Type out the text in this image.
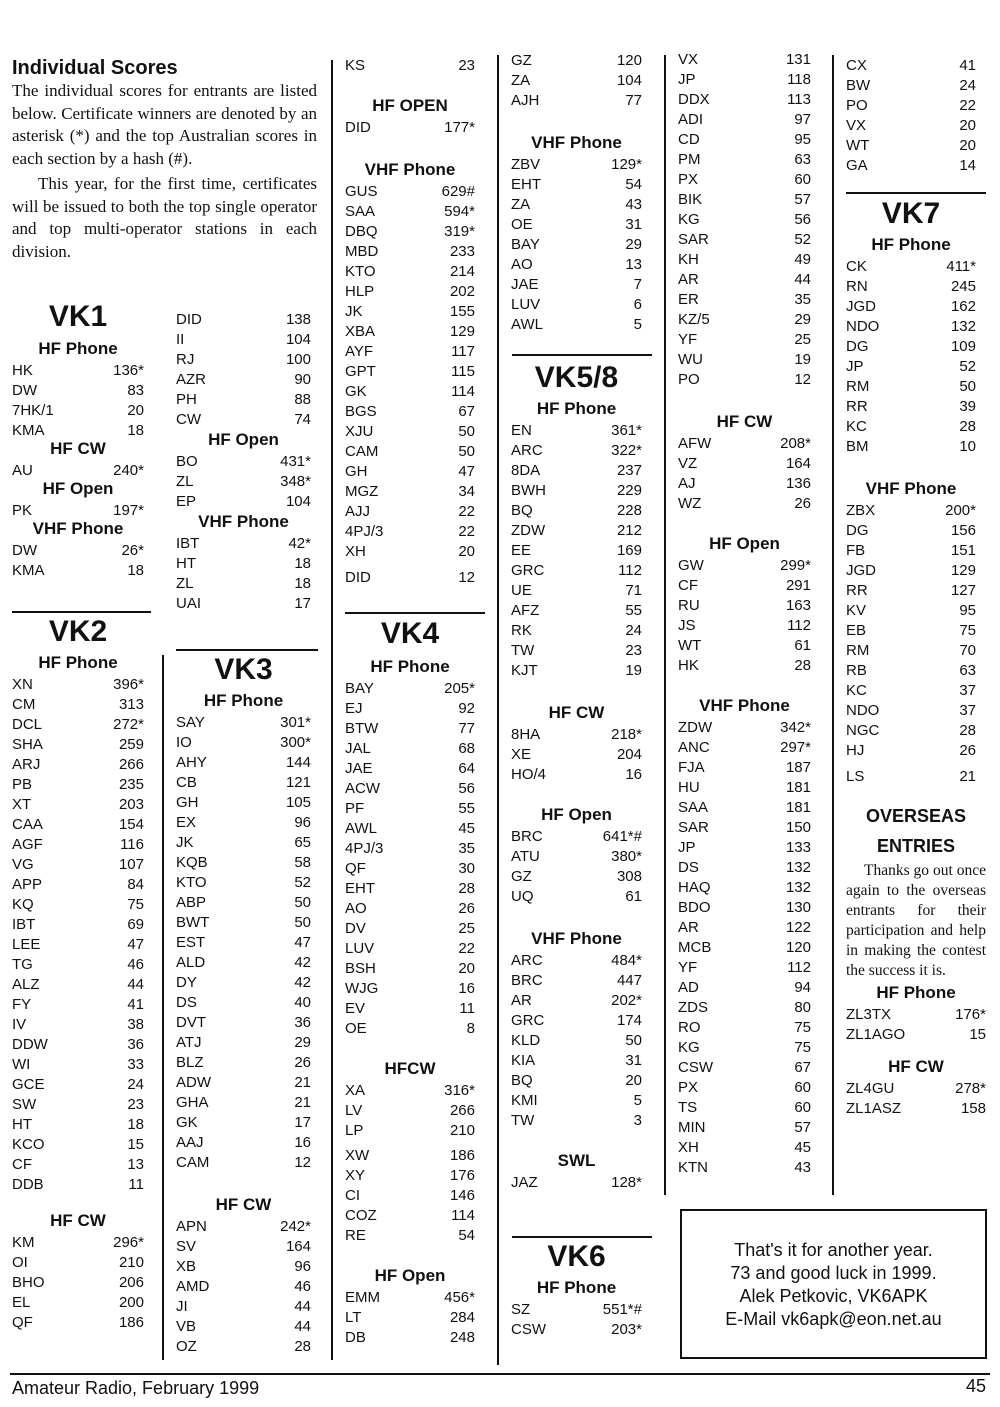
Individual Scores

The individual scores for entrants are listed below. Certificate winners are denoted by an asterisk (*) and the top Australian scores in each section by a hash (#).

This year, for the first time, certificates will be issued to both the top single operator and top multi-operator stations in each division.

VK1
HF Phone
HK	136*
DW	83
7HK/1	20
KMA	18
HF CW
AU	240*
HF Open
PK	197*
VHF Phone
DW	26*
KMA	18
DID	138
II	104
RJ	100
AZR	90
PH	88
CW	74
HF Open
BO	431*
ZL	348*
EP	104
VHF Phone
IBT	42*
HT	18
ZL	18
UAI	17
VK2
HF Phone
XN	396*
CM	313
DCL	272*
SHA	259
ARJ	266
PB	235
XT	203
CAA	154
AGF	116
VG	107
APP	84
KQ	75
IBT	69
LEE	47
TG	46
ALZ	44
FY	41
IV	38
DDW	36
WI	33
GCE	24
SW	23
HT	18
KCO	15
CF	13
DDB	11
HF CW
KM	296*
OI	210
BHO	206
EL	200
QF	186
VK3
HF Phone
SAY	301*
IO	300*
AHY	144
CB	121
GH	105
EX	96
JK	65
KQB	58
KTO	52
ABP	50
BWT	50
EST	47
ALD	42
DY	42
DS	40
DVT	36
ATJ	29
BLZ	26
ADW	21
GHA	21
GK	17
AAJ	16
CAM	12
HF CW
APN	242*
SV	164
XB	96
AMD	46
JI	44
VB	44
OZ	28
KS	23
HF OPEN
DID	177*
VHF Phone
GUS	629#
SAA	594*
DBQ	319*
MBD	233
KTO	214
HLP	202
JK	155
XBA	129
AYF	117
GPT	115
GK	114
BGS	67
XJU	50
CAM	50
GH	47
MGZ	34
AJJ	22
4PJ/3	22
XH	20
DID	12
VK4
HF Phone
BAY	205*
EJ	92
BTW	77
JAL	68
JAE	64
ACW	56
PF	55
AWL	45
4PJ/3	35
QF	30
EHT	28
AO	26
DV	25
LUV	22
BSH	20
WJG	16
EV	11
OE	8
HFCW
XA	316*
LV	266
LP	210
XW	186
XY	176
CI	146
COZ	114
RE	54
HF Open
EMM	456*
LT	284
DB	248
GZ	120
ZA	104
AJH	77
VHF Phone
ZBV	129*
EHT	54
ZA	43
OE	31
BAY	29
AO	13
JAE	7
LUV	6
AWL	5
VK5/8
HF Phone
EN	361*
ARC	322*
8DA	237
BWH	229
BQ	228
ZDW	212
EE	169
GRC	112
UE	71
AFZ	55
RK	24
TW	23
KJT	19
HF CW
8HA	218*
XE	204
HO/4	16
HF Open
BRC	641*#
ATU	380*
GZ	308
UQ	61
VHF Phone
ARC	484*
BRC	447
AR	202*
GRC	174
KLD	50
KIA	31
BQ	20
KMI	5
TW	3
SWL
JAZ	128*
VK6
HF Phone
SZ	551*#
CSW	203*
VX	131
JP	118
DDX	113
ADI	97
CD	95
PM	63
PX	60
BIK	57
KG	56
SAR	52
KH	49
AR	44
ER	35
KZ/5	29
YF	25
WU	19
PO	12
HF CW
AFW	208*
VZ	164
AJ	136
WZ	26
HF Open
GW	299*
CF	291
RU	163
JS	112
WT	61
HK	28
VHF Phone
ZDW	342*
ANC	297*
FJA	187
HU	181
SAA	181
SAR	150
JP	133
DS	132
HAQ	132
BDO	130
AR	122
MCB	120
YF	112
AD	94
ZDS	80
RO	75
KG	75
CSW	67
PX	60
TS	60
MIN	57
XH	45
KTN	43
CX	41
BW	24
PO	22
VX	20
WT	20
GA	14
VK7
HF Phone
CK	411*
RN	245
JGD	162
NDO	132
DG	109
JP	52
RM	50
RR	39
KC	28
BM	10
VHF Phone
ZBX	200*
DG	156
FB	151
JGD	129
RR	127
KV	95
EB	75
RM	70
RB	63
KC	37
NDO	37
NGC	28
HJ	26
LS	21
OVERSEAS
ENTRIES
Thanks go out once again to the overseas entrants for their participation and help in making the contest the success it is.
HF Phone
ZL3TX	176*
ZL1AGO	15
HF CW
ZL4GU	278*
ZL1ASZ	158
That's it for another year.
73 and good luck in 1999.
Alek Petkovic, VK6APK
E-Mail vk6apk@eon.net.au
Amateur Radio, February 1999	45
